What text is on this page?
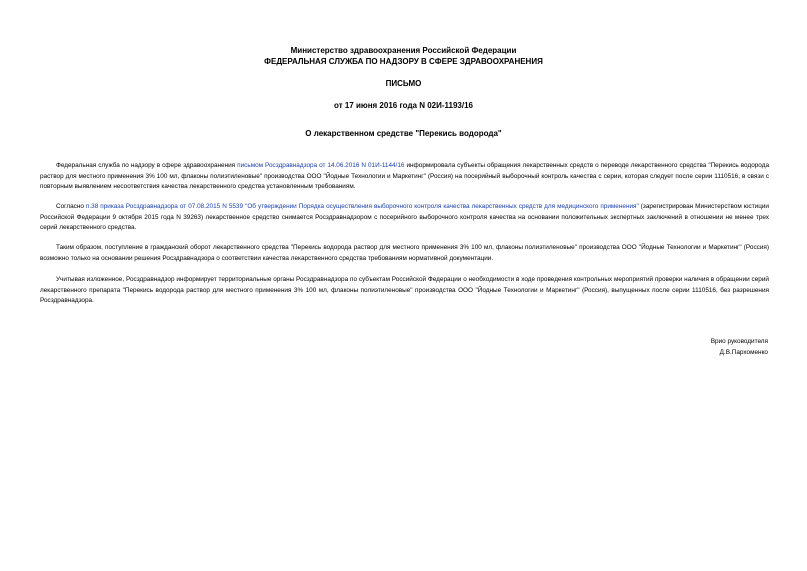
Министерство здравоохранения Российской Федерации
ФЕДЕРАЛЬНАЯ СЛУЖБА ПО НАДЗОРУ В СФЕРЕ ЗДРАВООХРАНЕНИЯ
ПИСЬМО
от 17 июня 2016 года N 02И-1193/16
О лекарственном средстве "Перекись водорода"

Федеральная служба по надзору в сфере здравоохранения письмом Росздравнадзора от 14.06.2016 N 01И-1144/16 информировала субъекты обращения лекарственных средств о переводе лекарственного средства "Перекись водорода раствор для местного применения 3% 100 мл, флаконы полиэтиленовые" производства ООО "Йодные Технологии и Маркетинг" (Россия) на посерийный выборочный контроль качества с серии, которая следует после серии 1110516, в связи с повторным выявлением несоответствия качества лекарственного средства установленным требованиям.

Согласно п.38 приказа Росздравнадзора от 07.08.2015 N 5539 "Об утверждении Порядка осуществления выборочного контроля качества лекарственных средств для медицинского применения" (зарегистрирован Министерством юстиции Российской Федерации 9 октября 2015 года N 39263) лекарственное средство снимается Росздравнадзором с посерийного выборочного контроля качества на основании положительных экспертных заключений в отношении не менее трех серий лекарственного средства.

Таким образом, поступление в гражданский оборот лекарственного средства "Перекись водорода раствор для местного применения 3% 100 мл, флаконы полиэтиленовые" производства ООО "Йодные Технологии и Маркетинг" (Россия) возможно только на основании решения Росздравнадзора о соответствии качества лекарственного средства требованиям нормативной документации.

Учитывая изложенное, Росздравнадзор информирует территориальные органы Росздравнадзора по субъектам Российской Федерации о необходимости в ходе проведения контрольных мероприятий проверки наличия в обращении серий лекарственного препарата "Перекись водорода раствор для местного применения 3% 100 мл, флаконы полиэтиленовые" производства ООО "Йодные Технологии и Маркетинг" (Россия), выпущенных после серии 1110516, без разрешения Росздравнадзора.

Врио руководителя
Д.В.Пархоменко
